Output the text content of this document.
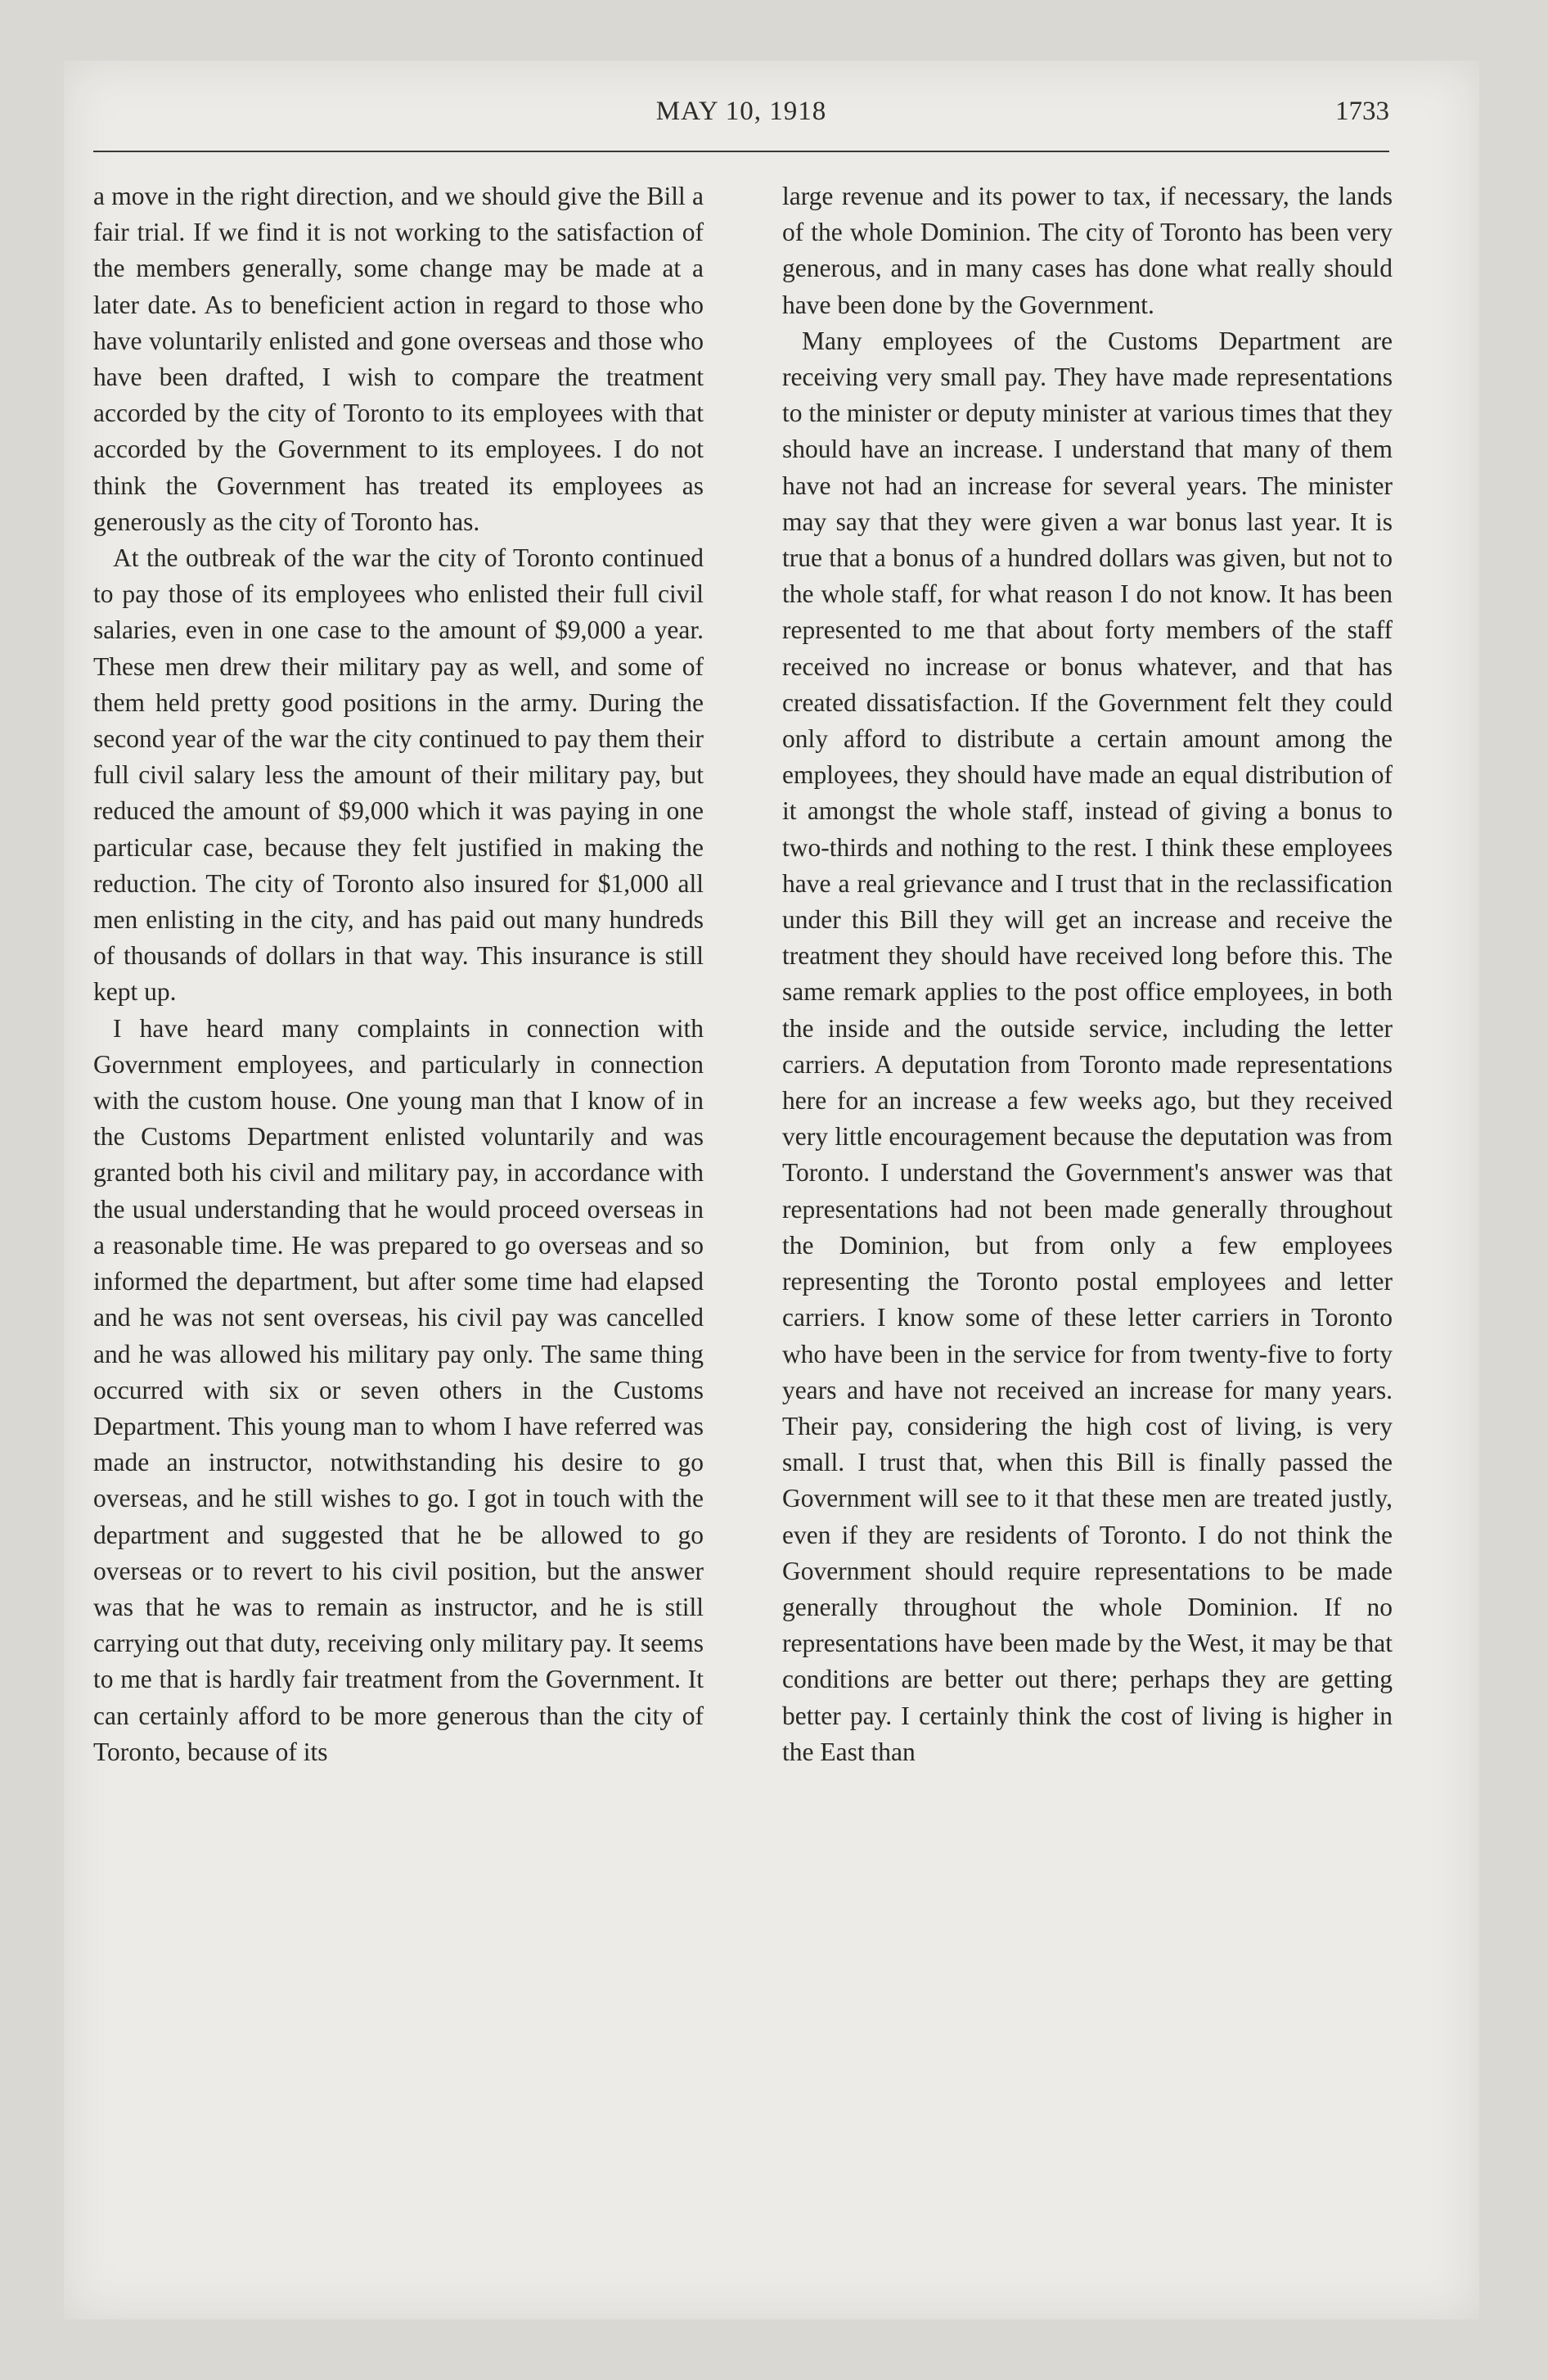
MAY 10, 1918	1733

a move in the right direction, and we should give the Bill a fair trial. If we find it is not working to the satisfaction of the members generally, some change may be made at a later date. As to beneficient action in regard to those who have voluntarily enlisted and gone overseas and those who have been drafted, I wish to compare the treatment accorded by the city of Toronto to its employees with that accorded by the Government to its employees. I do not think the Government has treated its employees as generously as the city of Toronto has.

At the outbreak of the war the city of Toronto continued to pay those of its employees who enlisted their full civil salaries, even in one case to the amount of $9,000 a year. These men drew their military pay as well, and some of them held pretty good positions in the army. During the second year of the war the city continued to pay them their full civil salary less the amount of their military pay, but reduced the amount of $9,000 which it was paying in one particular case, because they felt justified in making the reduction. The city of Toronto also insured for $1,000 all men enlisting in the city, and has paid out many hundreds of thousands of dollars in that way. This insurance is still kept up.

I have heard many complaints in connection with Government employees, and particularly in connection with the custom house. One young man that I know of in the Customs Department enlisted voluntarily and was granted both his civil and military pay, in accordance with the usual understanding that he would proceed overseas in a reasonable time. He was prepared to go overseas and so informed the department, but after some time had elapsed and he was not sent overseas, his civil pay was cancelled and he was allowed his military pay only. The same thing occurred with six or seven others in the Customs Department. This young man to whom I have referred was made an instructor, notwithstanding his desire to go overseas, and he still wishes to go. I got in touch with the department and suggested that he be allowed to go overseas or to revert to his civil position, but the answer was that he was to remain as instructor, and he is still carrying out that duty, receiving only military pay. It seems to me that is hardly fair treatment from the Government. It can certainly afford to be more generous than the city of Toronto, because of its

large revenue and its power to tax, if necessary, the lands of the whole Dominion. The city of Toronto has been very generous, and in many cases has done what really should have been done by the Government.

Many employees of the Customs Department are receiving very small pay. They have made representations to the minister or deputy minister at various times that they should have an increase. I understand that many of them have not had an increase for several years. The minister may say that they were given a war bonus last year. It is true that a bonus of a hundred dollars was given, but not to the whole staff, for what reason I do not know. It has been represented to me that about forty members of the staff received no increase or bonus whatever, and that has created dissatisfaction. If the Government felt they could only afford to distribute a certain amount among the employees, they should have made an equal distribution of it amongst the whole staff, instead of giving a bonus to two-thirds and nothing to the rest. I think these employees have a real grievance and I trust that in the reclassification under this Bill they will get an increase and receive the treatment they should have received long before this. The same remark applies to the post office employees, in both the inside and the outside service, including the letter carriers. A deputation from Toronto made representations here for an increase a few weeks ago, but they received very little encouragement because the deputation was from Toronto. I understand the Government's answer was that representations had not been made generally throughout the Dominion, but from only a few employees representing the Toronto postal employees and letter carriers. I know some of these letter carriers in Toronto who have been in the service for from twenty-five to forty years and have not received an increase for many years. Their pay, considering the high cost of living, is very small. I trust that, when this Bill is finally passed the Government will see to it that these men are treated justly, even if they are residents of Toronto. I do not think the Government should require representations to be made generally throughout the whole Dominion. If no representations have been made by the West, it may be that conditions are better out there; perhaps they are getting better pay. I certainly think the cost of living is higher in the East than
